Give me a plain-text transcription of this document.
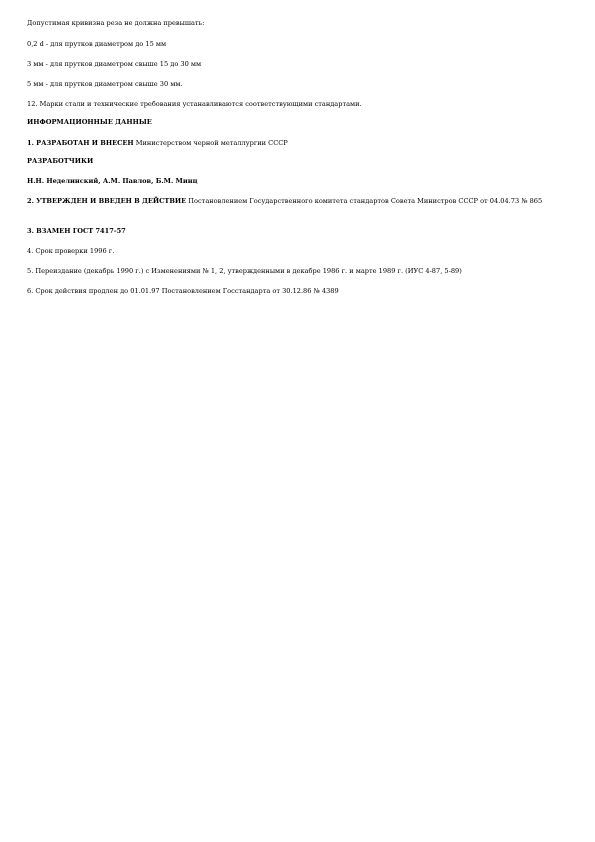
Допустимая кривизна реза не должна превышать:
0,2 d - для прутков диаметром до 15 мм
3 мм - для прутков диаметром свыше 15 до 30 мм
5 мм - для прутков диаметром свыше 30 мм.
12. Марки стали и технические требования устанавливаются соответствующими стандартами.
ИНФОРМАЦИОННЫЕ ДАННЫЕ
1. РАЗРАБОТАН И ВНЕСЕН Министерством черной металлургии СССР
РАЗРАБОТЧИКИ
Н.Н. Неделинский, А.М. Павлов, Б.М. Минц
2. УТВЕРЖДЕН И ВВЕДЕН В ДЕЙСТВИЕ Постановлением Государственного комитета стандартов Совета Министров СССР от 04.04.73 № 865
3. ВЗАМЕН ГОСТ 7417-57
4. Срок проверки 1996 г.
5. Переиздание (декабрь 1990 г.) с Изменениями № 1, 2, утвержденными в декабре 1986 г. и марте 1989 г. (ИУС 4-87, 5-89)
6. Срок действия продлен до 01.01.97 Постановлением Госстандарта от 30.12.86 № 4389
